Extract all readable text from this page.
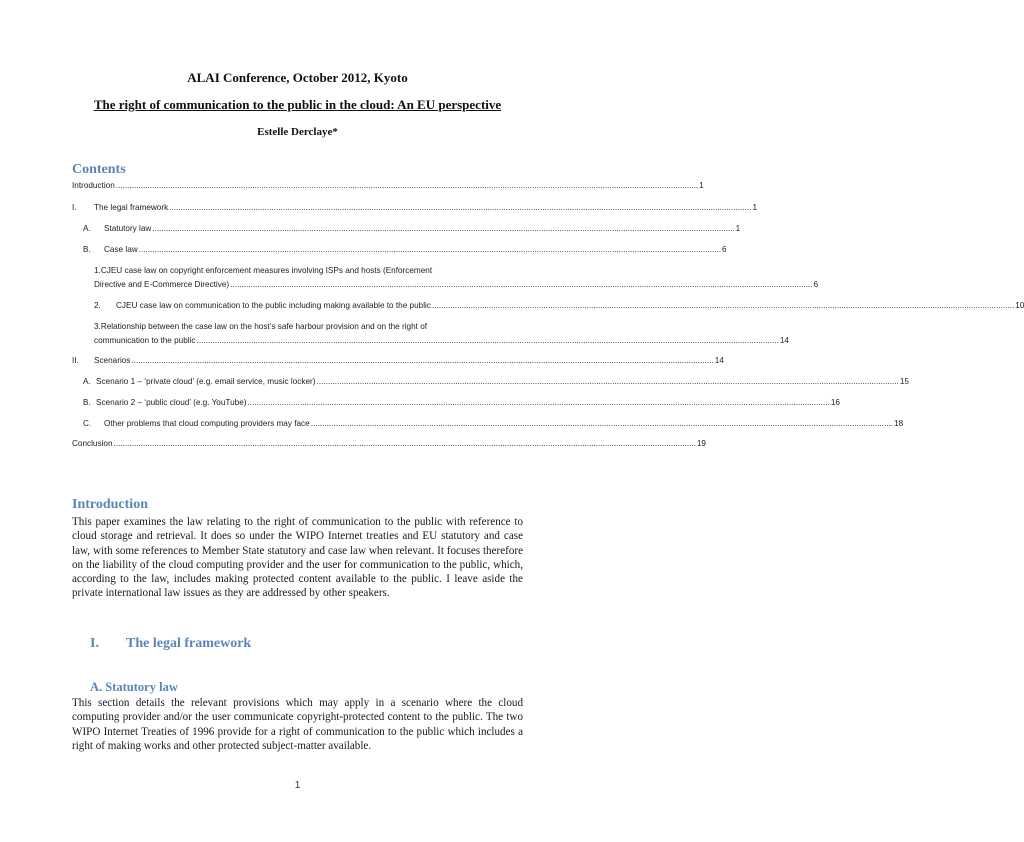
ALAI Conference, October 2012, Kyoto
The right of communication to the public in the cloud: An EU perspective
Estelle Derclaye*
Contents
Introduction ................................................................................................................................................................................................................................................................ 1
I. The legal framework ................................................................................................................................................................................................................................................................ 1
A. Statutory law ................................................................................................................................................................................................................................................................ 1
B. Case law ................................................................................................................................................................................................................................................................ 6
1.CJEU case law on copyright enforcement measures involving ISPs and hosts (Enforcement
Directive and E-Commerce Directive) ................................................................................................................................................................................................................................................................ 6
2. CJEU case law on communication to the public including making available to the public ................................................................................................................................................................................................................................................................ 10
3.Relationship between the case law on the host’s safe harbour provision and on the right of
communication to the public ................................................................................................................................................................................................................................................................ 14
II. Scenarios ................................................................................................................................................................................................................................................................ 14
A. Scenario 1 – ‘private cloud’ (e.g. email service, music locker) ................................................................................................................................................................................................................................................................ 15
B. Scenario 2 – ‘public cloud’ (e.g. YouTube) ................................................................................................................................................................................................................................................................ 16
C. Other problems that cloud computing providers may face ................................................................................................................................................................................................................................................................ 18
Conclusion ................................................................................................................................................................................................................................................................ 19
Introduction
This paper examines the law relating to the right of communication to the public with reference to cloud storage and retrieval. It does so under the WIPO Internet treaties and EU statutory and case law, with some references to Member State statutory and case law when relevant. It focuses therefore on the liability of the cloud computing provider and the user for communication to the public, which, according to the law, includes making protected content available to the public. I leave aside the private international law issues as they are addressed by other speakers.
I. The legal framework
A. Statutory law
This section details the relevant provisions which may apply in a scenario where the cloud computing provider and/or the user communicate copyright-protected content to the public. The two WIPO Internet Treaties of 1996 provide for a right of communication to the public which includes a right of making works and other protected subject-matter available.
1
